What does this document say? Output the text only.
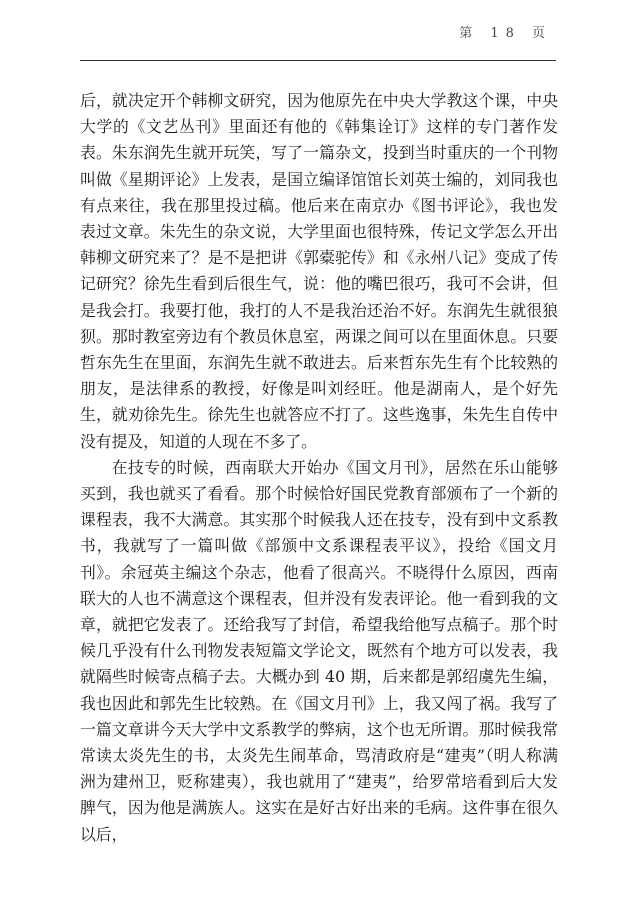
第 18 页

后，就决定开个韩柳文研究，因为他原先在中央大学教这个课，中央大学的《文艺丛刊》里面还有他的《韩集诠订》这样的专门著作发表。朱东润先生就开玩笑，写了一篇杂文，投到当时重庆的一个刊物叫做《星期评论》上发表，是国立编译馆馆长刘英士编的，刘同我也有点来往，我在那里投过稿。他后来在南京办《图书评论》，我也发表过文章。朱先生的杂文说，大学里面也很特殊，传记文学怎么开出韩柳文研究来了？是不是把讲《郭橐驼传》和《永州八记》变成了传记研究？徐先生看到后很生气，说：他的嘴巴很巧，我可不会讲，但是我会打。我要打他，我打的人不是我治还治不好。东润先生就很狼狈。那时教室旁边有个教员休息室，两课之间可以在里面休息。只要哲东先生在里面，东润先生就不敢进去。后来哲东先生有个比较熟的朋友，是法律系的教授，好像是叫刘经旺。他是湖南人，是个好先生，就劝徐先生。徐先生也就答应不打了。这些逸事，朱先生自传中没有提及，知道的人现在不多了。

在技专的时候，西南联大开始办《国文月刊》，居然在乐山能够买到，我也就买了看看。那个时候恰好国民党教育部颁布了一个新的课程表，我不大满意。其实那个时候我人还在技专，没有到中文系教书，我就写了一篇叫做《部颁中文系课程表平议》，投给《国文月刊》。余冠英主编这个杂志，他看了很高兴。不晓得什么原因，西南联大的人也不满意这个课程表，但并没有发表评论。他一看到我的文章，就把它发表了。还给我写了封信，希望我给他写点稿子。那个时候几乎没有什么刊物发表短篇文学论文，既然有个地方可以发表，我就隔些时候寄点稿子去。大概办到 40 期，后来都是郭绍虞先生编，我也因此和郭先生比较熟。在《国文月刊》上，我又闯了祸。我写了一篇文章讲今天大学中文系教学的弊病，这个也无所谓。那时候我常常读太炎先生的书，太炎先生闹革命，骂清政府是“建夷”（明人称满洲为建州卫，贬称建夷），我也就用了“建夷”，给罗常培看到后大发脾气，因为他是满族人。这实在是好古好出来的毛病。这件事在很久以后，
